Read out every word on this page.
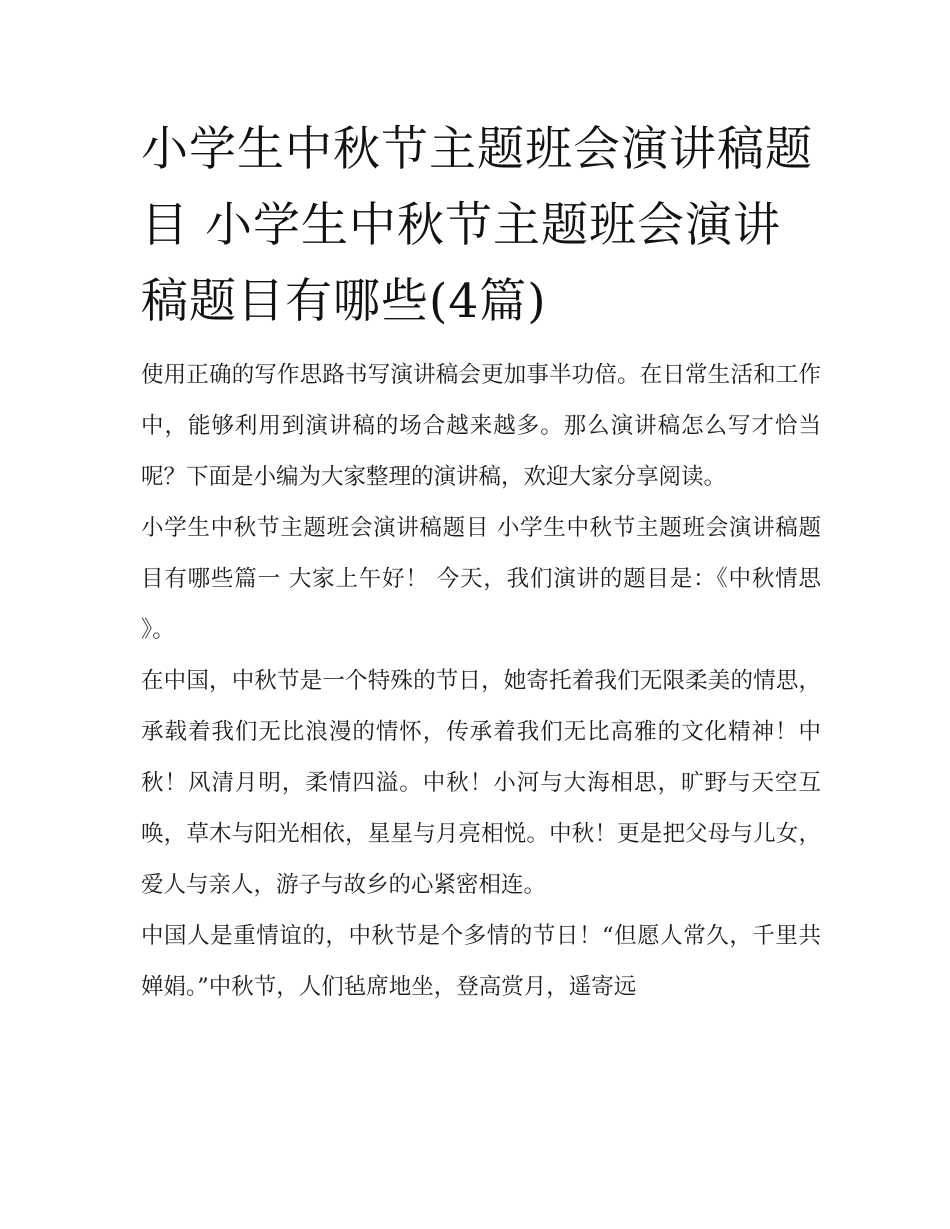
小学生中秋节主题班会演讲稿题目 小学生中秋节主题班会演讲稿题目有哪些(4篇)

使用正确的写作思路书写演讲稿会更加事半功倍。在日常生活和工作中，能够利用到演讲稿的场合越来越多。那么演讲稿怎么写才恰当呢？下面是小编为大家整理的演讲稿，欢迎大家分享阅读。

小学生中秋节主题班会演讲稿题目 小学生中秋节主题班会演讲稿题目有哪些篇一 大家上午好！ 今天，我们演讲的题目是：《中秋情思 》。

在中国，中秋节是一个特殊的节日，她寄托着我们无限柔美的情思，承载着我们无比浪漫的情怀，传承着我们无比高雅的文化精神！中秋！风清月明，柔情四溢。中秋！小河与大海相思，旷野与天空互唤，草木与阳光相依，星星与月亮相悦。中秋！更是把父母与儿女，爱人与亲人，游子与故乡的心紧密相连。

中国人是重情谊的，中秋节是个多情的节日！“但愿人常久，千里共婵娟。”中秋节，人们毡席地坐，登高赏月，遥寄远
